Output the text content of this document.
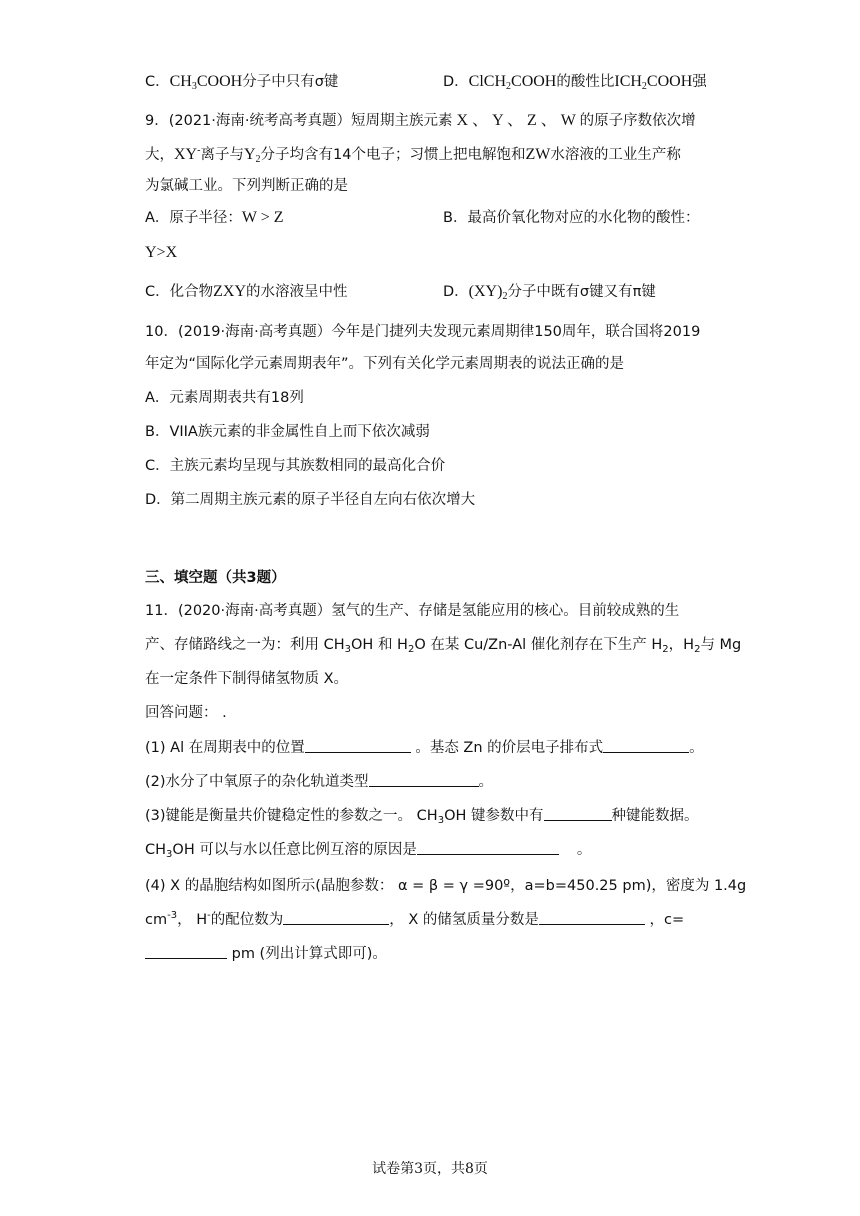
C．$CH_3COOH$分子中只有σ键	D．ClCH$_2$COOH的酸性比$ICH_2COOH$强
9．(2021·海南·统考高考真题）短周期主族元素 X 、 Y 、 Z 、 W 的原子序数依次增
大，XY-离子与$Y_2$分子均含有14个电子；习惯上把电解饱和ZW水溶液的工业生产称
为氯碱工业。下列判断正确的是
A．原子半径：W > Z	B．最高价氧化物对应的水化物的酸性：
Y>X
C．化合物ZXY的水溶液呈中性	D．$(XY)_2$分子中既有σ键又有π键
10．(2019·海南·高考真题）今年是门捷列夫发现元素周期律150周年，联合国将2019
年定为“国际化学元素周期表年”。下列有关化学元素周期表的说法正确的是
A．元素周期表共有18列
B．VIIA族元素的非金属性自上而下依次减弱
C．主族元素均呈现与其族数相同的最高化合价
D．第二周期主族元素的原子半径自左向右依次增大
三、填空题（共3题）
11．(2020·海南·高考真题）氢气的生产、存储是氢能应用的核心。目前较成熟的生
产、存储路线之一为：利用 $CH_3OH$ 和 $H_2O$ 在某 Cu/Zn-Al 催化剂存在下生产 $H_2$，$H_2$与 Mg
在一定条件下制得储氢物质 X。
回答问题： .
(1) Al 在周期表中的位置	。基态 Zn 的价层电子排布式	。
(2)水分了中氧原子的杂化轨道类型	。
(3)键能是衡量共价键稳定性的参数之一。 $CH_3OH$ 键参数中有	种键能数据。
$CH_3OH$ 可以与水以任意比例互溶的原因是	。
(4) X 的晶胞结构如图所示(晶胞参数： α = β = γ =90º，a=b=450.25 pm)，密度为 1.4g
$cm^{-3}$， H-的配位数为	， X 的储氢质量分数是	，c=
pm (列出计算式即可)。
试卷第3页，共8页
